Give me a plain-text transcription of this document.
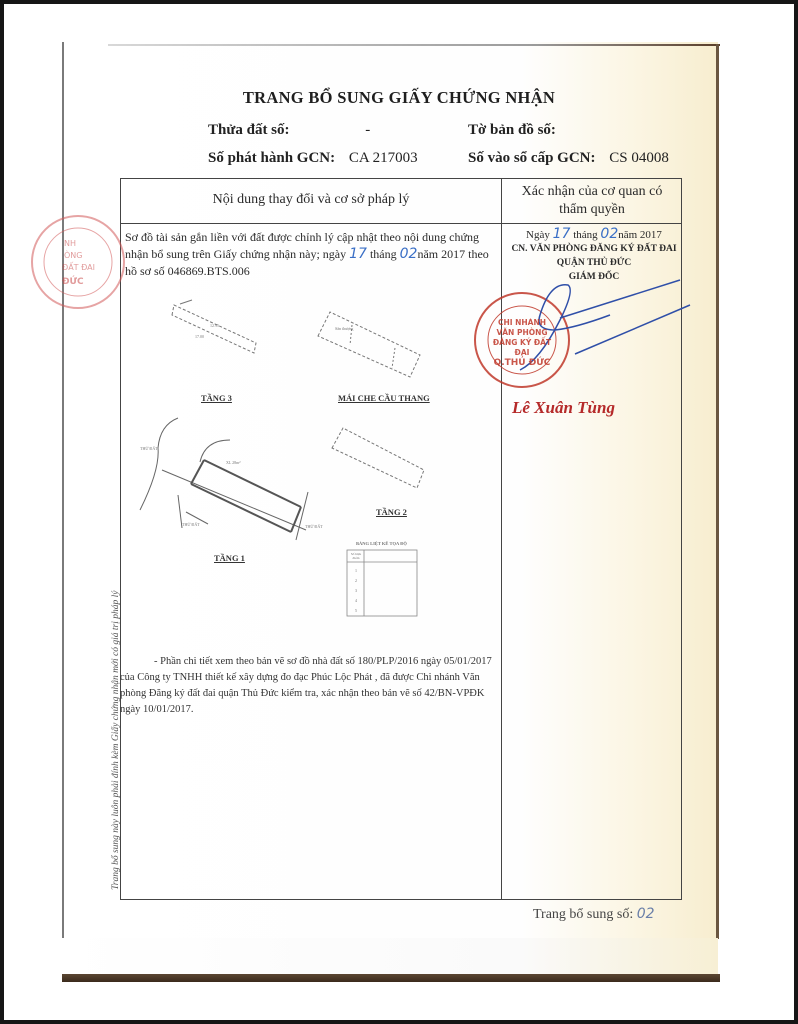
TRANG BỔ SUNG GIẤY CHỨNG NHẬN
Thửa đất số:	-	Tờ bản đồ số:
Số phát hành GCN: CA 217003	Số vào sổ cấp GCN: CS 04008
Nội dung thay đổi và cơ sở pháp lý
Xác nhận của cơ quan có
thẩm quyền
Sơ đồ tài sản gắn liền với đất được chỉnh lý cập nhật theo nội dung chứng nhận bổ sung trên Giấy chứng nhận này; ngày 17 tháng 02năm 2017 theo hồ sơ số 046869.BTS.006
Ngày 17 tháng 02năm 2017
CN. VĂN PHÒNG ĐĂNG KÝ ĐẤT ĐAI
QUẬN THỦ ĐỨC
GIÁM ĐỐC
NH
ÒNG
ĐẤT ĐAI
ĐỨC
12.95
17.00
Sân thượng
THỬ ĐẤT
THỬ ĐẤT
THỬ ĐẤT
XL 28m²
CHI NHÁNH
VĂN PHÒNG
ĐĂNG KÝ ĐẤT ĐAI
Q.THỦ ĐỨC
Lê Xuân Tùng
TẦNG 3	MÁI CHE CẦU THANG
TẦNG 2
TẦNG 1
BẢNG LIỆT KÊ TỌA ĐỘ
Số hiệu điểm
1
2
3
4
5
- Phần chi tiết xem theo bản vẽ sơ đồ nhà đất số 180/PLP/2016 ngày 05/01/2017 của Công ty TNHH thiết kế xây dựng đo đạc Phúc Lộc Phát , đã được Chi nhánh Văn phòng Đăng ký đất đai quận Thủ Đức kiểm tra, xác nhận theo bản vẽ số 42/BN-VPĐK ngày 10/01/2017.
Trang bổ sung này luôn phải đính kèm Giấy chứng nhận mới có giá trị pháp lý
Trang bổ sung số: 02
